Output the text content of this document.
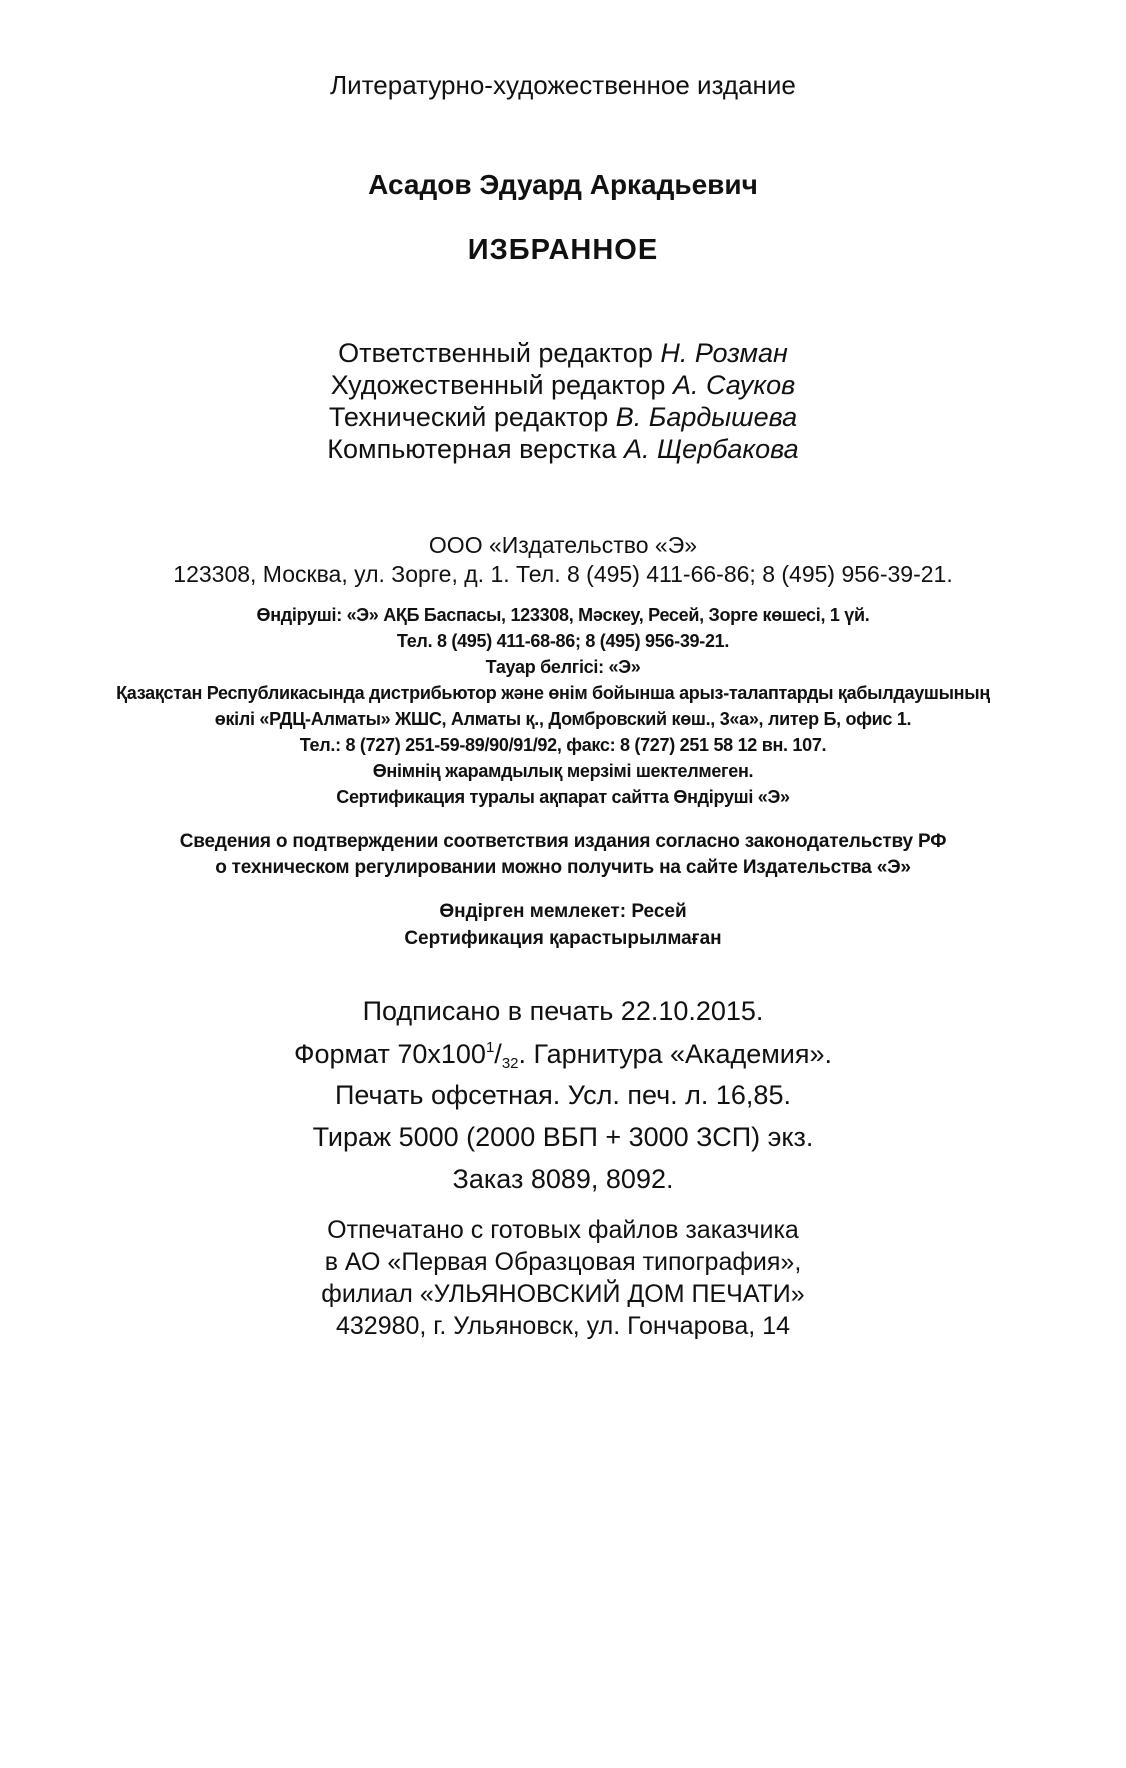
Литературно-художественное издание
Асадов Эдуард Аркадьевич
ИЗБРАННОЕ
Ответственный редактор Н. Розман
Художественный редактор А. Сауков
Технический редактор В. Бардышева
Компьютерная верстка А. Щербакова
ООО «Издательство «Э»
123308, Москва, ул. Зорге, д. 1. Тел. 8 (495) 411-66-86; 8 (495) 956-39-21.
Өндіруші: «Э» АҚБ Баспасы, 123308, Мәскеу, Ресей, Зорге көшесі, 1 үй.
Тел. 8 (495) 411-68-86; 8 (495) 956-39-21.
Тауар белгісі: «Э»
Қазақстан Республикасында дистрибьютор және өнім бойынша арыз-талаптарды қабылдаушының
өкілі «РДЦ-Алматы» ЖШС, Алматы қ., Домбровский көш., 3«а», литер Б, офис 1.
Тел.: 8 (727) 251-59-89/90/91/92, факс: 8 (727) 251 58 12 вн. 107.
Өнімнің жарамдылық мерзімі шектелмеген.
Сертификация туралы ақпарат сайтта Өндіруші «Э»
Сведения о подтверждении соответствия издания согласно законодательству РФ
о техническом регулировании можно получить на сайте Издательства «Э»
Өндірген мемлекет: Ресей
Сертификация қарастырылмаған
Подписано в печать 22.10.2015.
Формат $70x100^1/_{32}$. Гарнитура «Академия».
Печать офсетная. Усл. печ. л. 16,85.
Тираж 5000 (2000 ВБП + 3000 ЗСП) экз.
Заказ 8089, 8092.
Отпечатано с готовых файлов заказчика
в АО «Первая Образцовая типография»,
филиал «УЛЬЯНОВСКИЙ ДОМ ПЕЧАТИ»
432980, г. Ульяновск, ул. Гончарова, 14
